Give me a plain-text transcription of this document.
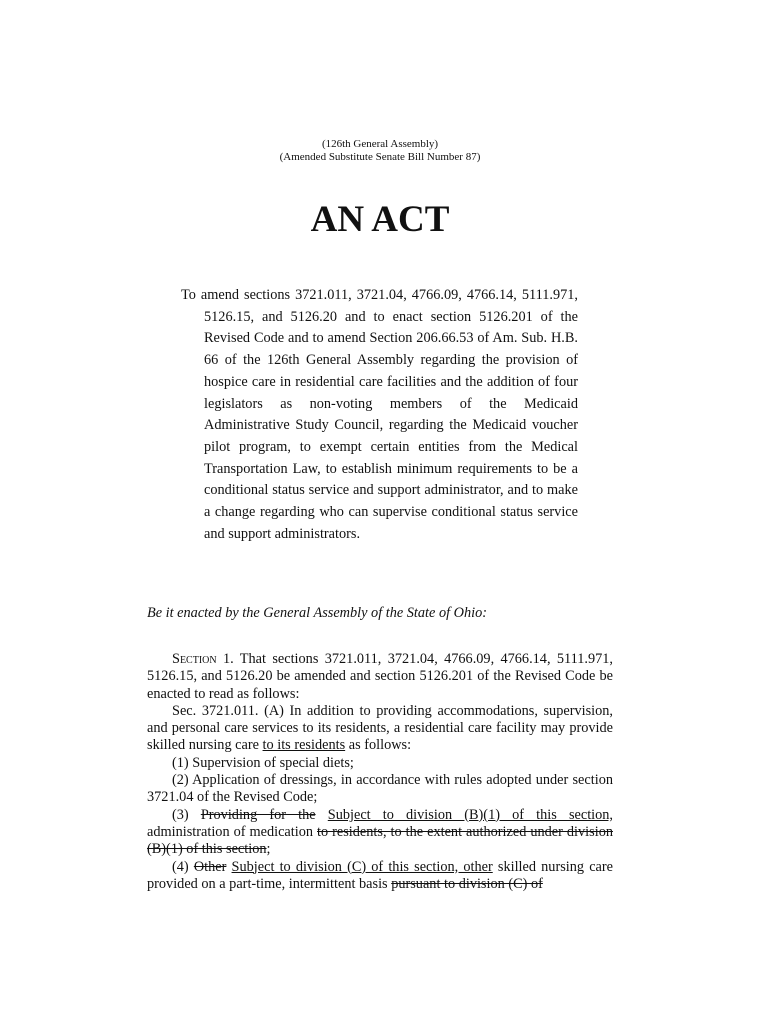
(126th General Assembly)
(Amended Substitute Senate Bill Number 87)
AN ACT
To amend sections 3721.011, 3721.04, 4766.09, 4766.14, 5111.971, 5126.15, and 5126.20 and to enact section 5126.201 of the Revised Code and to amend Section 206.66.53 of Am. Sub. H.B. 66 of the 126th General Assembly regarding the provision of hospice care in residential care facilities and the addition of four legislators as non-voting members of the Medicaid Administrative Study Council, regarding the Medicaid voucher pilot program, to exempt certain entities from the Medical Transportation Law, to establish minimum requirements to be a conditional status service and support administrator, and to make a change regarding who can supervise conditional status service and support administrators.
Be it enacted by the General Assembly of the State of Ohio:

Section 1. That sections 3721.011, 3721.04, 4766.09, 4766.14, 5111.971, 5126.15, and 5126.20 be amended and section 5126.201 of the Revised Code be enacted to read as follows:

Sec. 3721.011. (A) In addition to providing accommodations, supervision, and personal care services to its residents, a residential care facility may provide skilled nursing care to its residents as follows:

(1) Supervision of special diets;

(2) Application of dressings, in accordance with rules adopted under section 3721.04 of the Revised Code;

(3) Providing for the Subject to division (B)(1) of this section, administration of medication to residents, to the extent authorized under division (B)(1) of this section;

(4) Other Subject to division (C) of this section, other skilled nursing care provided on a part-time, intermittent basis pursuant to division (C) of
